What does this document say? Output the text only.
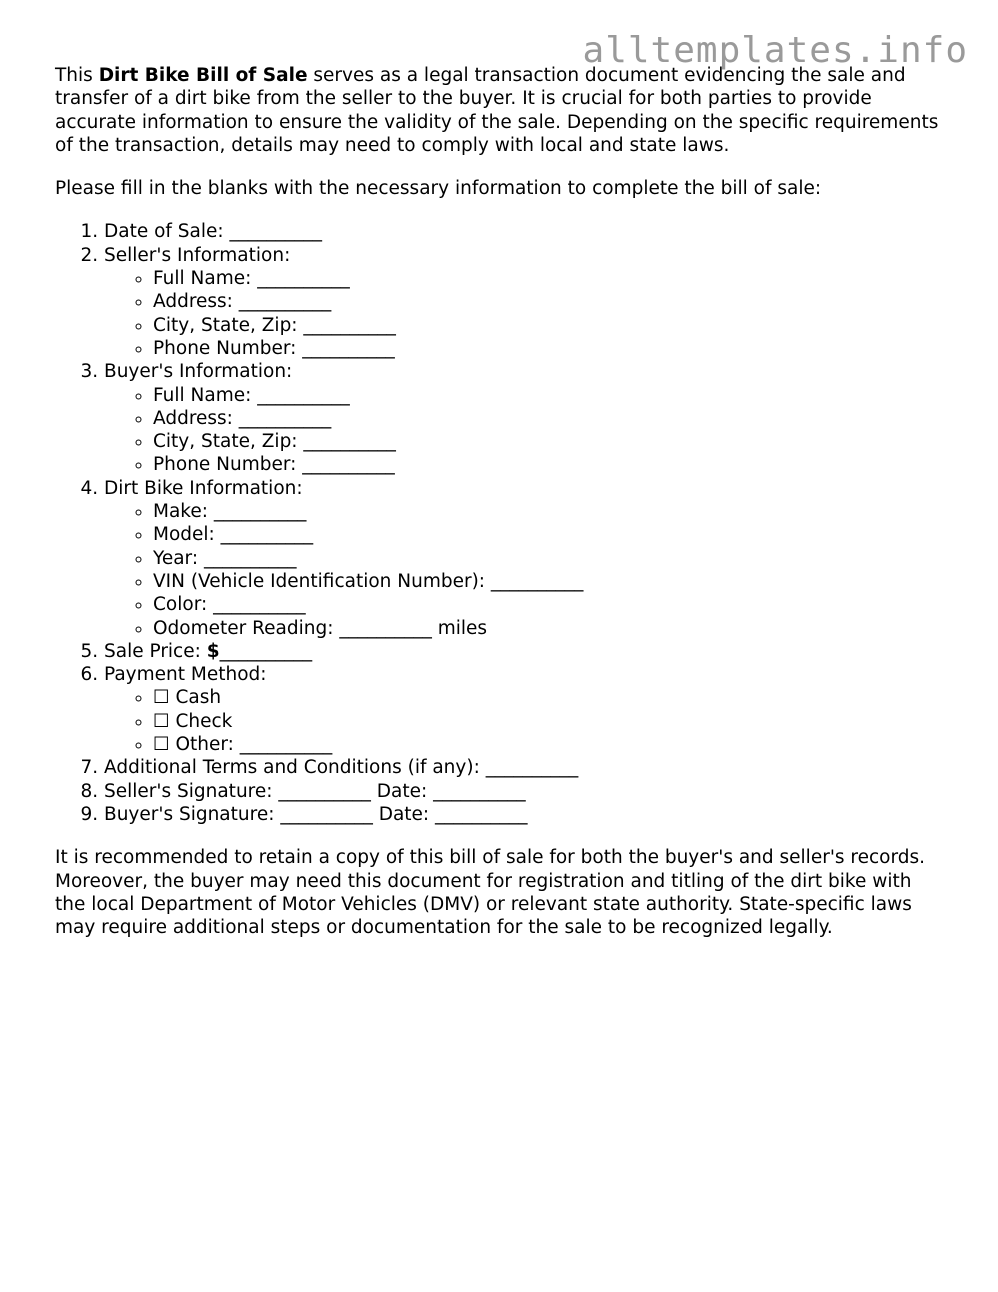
alltemplates.info

This Dirt Bike Bill of Sale serves as a legal transaction document evidencing the sale and transfer of a dirt bike from the seller to the buyer. It is crucial for both parties to provide accurate information to ensure the validity of the sale. Depending on the specific requirements of the transaction, details may need to comply with local and state laws.

Please fill in the blanks with the necessary information to complete the bill of sale:

1. Date of Sale: __________
2. Seller's Information:
◦ Full Name: __________
◦ Address: __________
◦ City, State, Zip: __________
◦ Phone Number: __________
3. Buyer's Information:
◦ Full Name: __________
◦ Address: __________
◦ City, State, Zip: __________
◦ Phone Number: __________
4. Dirt Bike Information:
◦ Make: __________
◦ Model: __________
◦ Year: __________
◦ VIN (Vehicle Identification Number): __________
◦ Color: __________
◦ Odometer Reading: __________ miles
5. Sale Price: $__________
6. Payment Method:
◦ ☐ Cash
◦ ☐ Check
◦ ☐ Other: __________
7. Additional Terms and Conditions (if any): __________
8. Seller's Signature: __________ Date: __________
9. Buyer's Signature: __________ Date: __________

It is recommended to retain a copy of this bill of sale for both the buyer's and seller's records. Moreover, the buyer may need this document for registration and titling of the dirt bike with the local Department of Motor Vehicles (DMV) or relevant state authority. State-specific laws may require additional steps or documentation for the sale to be recognized legally.
